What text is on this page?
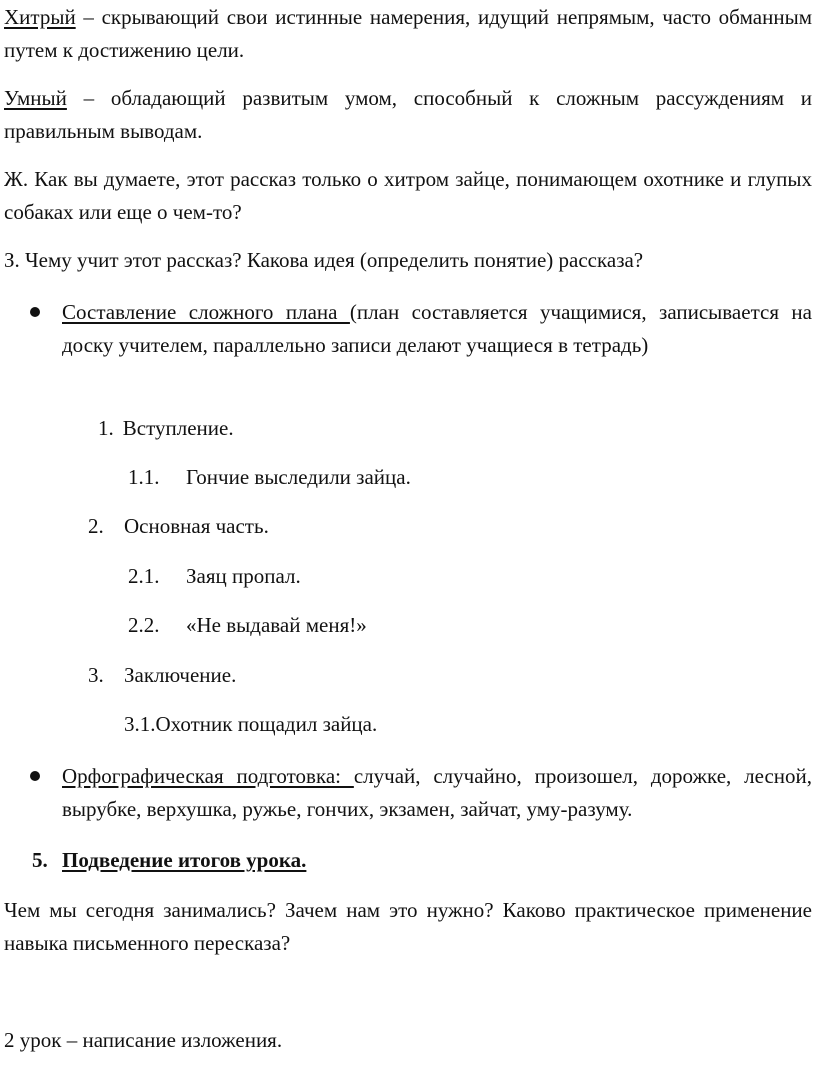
Хитрый – скрывающий свои истинные намерения, идущий непрямым, часто обманным путем к достижению цели.

Умный – обладающий развитым умом, способный к сложным рассуждениям и правильным выводам.

Ж. Как вы думаете, этот рассказ только о хитром зайце, понимающем охотнике и глупых собаках или еще о чем-то?

З. Чему учит этот рассказ? Какова идея (определить понятие) рассказа?

Составление сложного плана (план составляется учащимися, записывается на доску учителем, параллельно записи делают учащиеся в тетрадь)

1. Вступление.
1.1. Гончие выследили зайца.
2. Основная часть.
2.1. Заяц пропал.
2.2. «Не выдавай меня!»
3. Заключение.
3.1.Охотник пощадил зайца.

Орфографическая подготовка: случай, случайно, произошел, дорожке, лесной, вырубке, верхушка, ружье, гончих, экзамен, зайчат, уму-разуму.

5. Подведение итогов урока.

Чем мы сегодня занимались? Зачем нам это нужно? Каково практическое применение навыка письменного пересказа?

2 урок – написание изложения.
